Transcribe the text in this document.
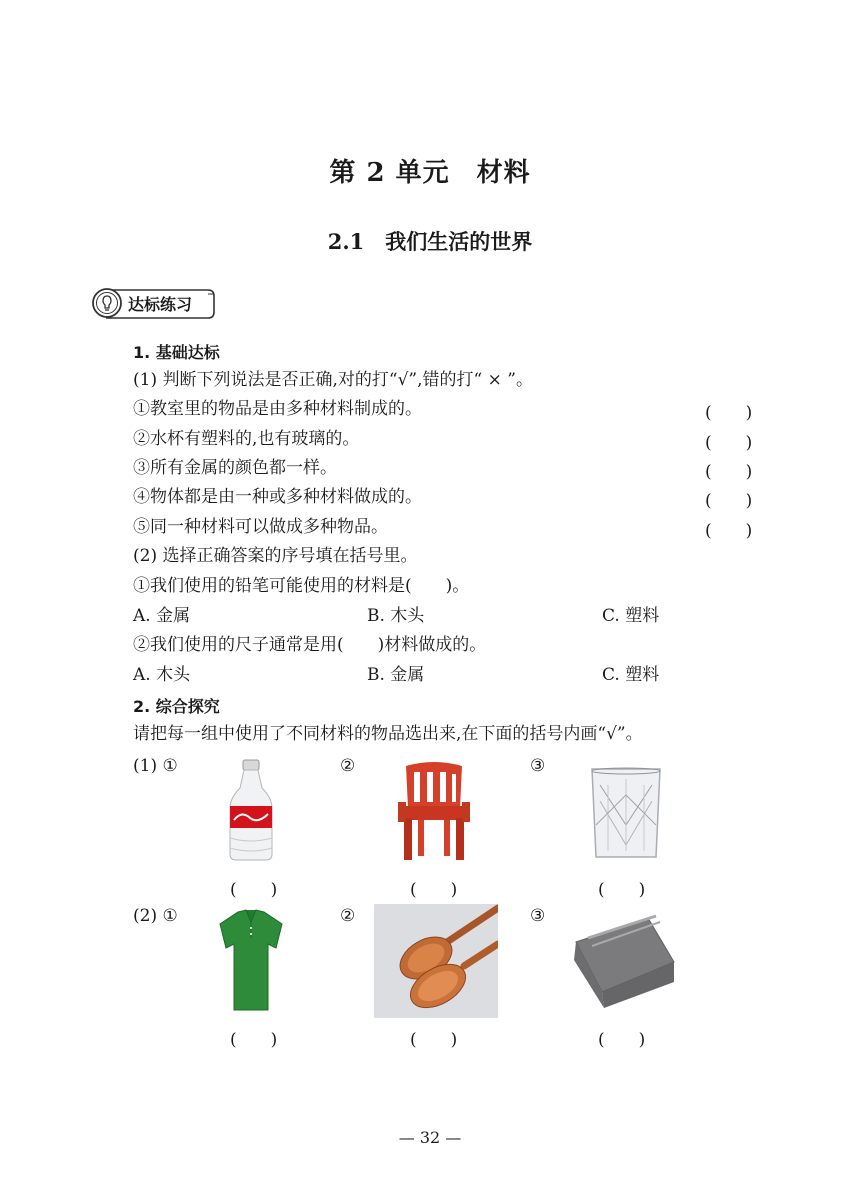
第 2 单元　材料
2.1　我们生活的世界
达标练习
1. 基础达标
(1) 判断下列说法是否正确,对的打“√”,错的打“ × ”。
①教室里的物品是由多种材料制成的。	(　　)
②水杯有塑料的,也有玻璃的。	(　　)
③所有金属的颜色都一样。	(　　)
④物体都是由一种或多种材料做成的。	(　　)
⑤同一种材料可以做成多种物品。	(　　)
(2) 选择正确答案的序号填在括号里。
①我们使用的铅笔可能使用的材料是(　　)。
A. 金属	B. 木头	C. 塑料
②我们使用的尺子通常是用(　　)材料做成的。
A. 木头	B. 金属	C. 塑料
2. 综合探究
请把每一组中使用了不同材料的物品选出来,在下面的括号内画“√”。
(1) ①	②	③
(　　)	(　　)	(　　)
(2) ①	②	③
(　　)	(　　)	(　　)
— 32 —
